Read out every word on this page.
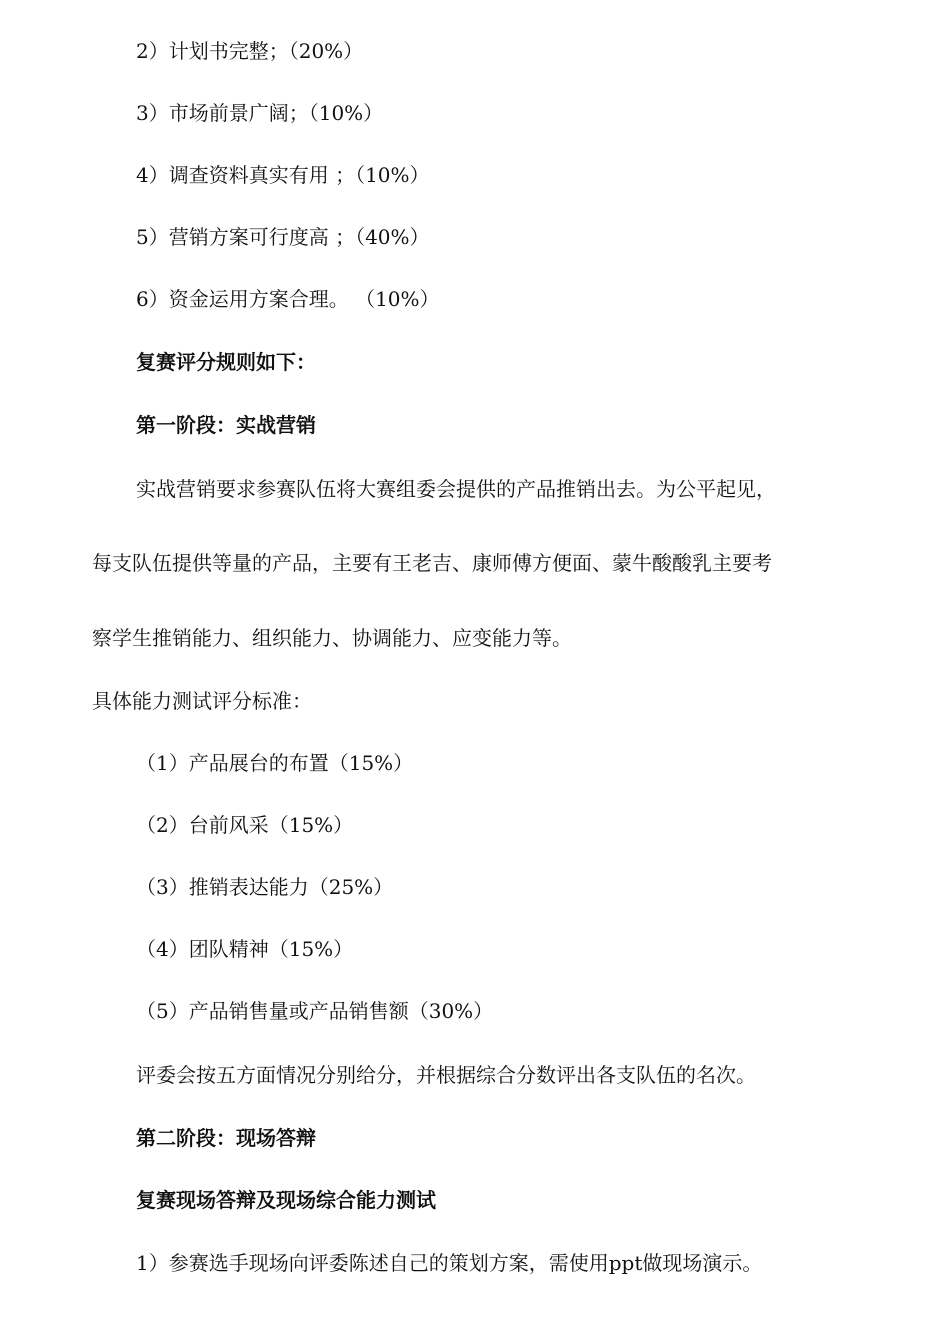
2）计划书完整；（20%）
3）市场前景广阔；（10%）
4）调查资料真实有用 ；（10%）
5）营销方案可行度高 ；（40%）
6）资金运用方案合理。 （10%）
复赛评分规则如下：
第一阶段：实战营销
实战营销要求参赛队伍将大赛组委会提供的产品推销出去。为公平起见，
每支队伍提供等量的产品，主要有王老吉、康师傅方便面、蒙牛酸酸乳主要考
察学生推销能力、组织能力、协调能力、应变能力等。
具体能力测试评分标准：
（1）产品展台的布置（15%）
（2）台前风采（15%）
（3）推销表达能力（25%）
（4）团队精神（15%）
（5）产品销售量或产品销售额（30%）
评委会按五方面情况分别给分，并根据综合分数评出各支队伍的名次。
第二阶段：现场答辩
复赛现场答辩及现场综合能力测试
1）参赛选手现场向评委陈述自己的策划方案，需使用ppt做现场演示。
